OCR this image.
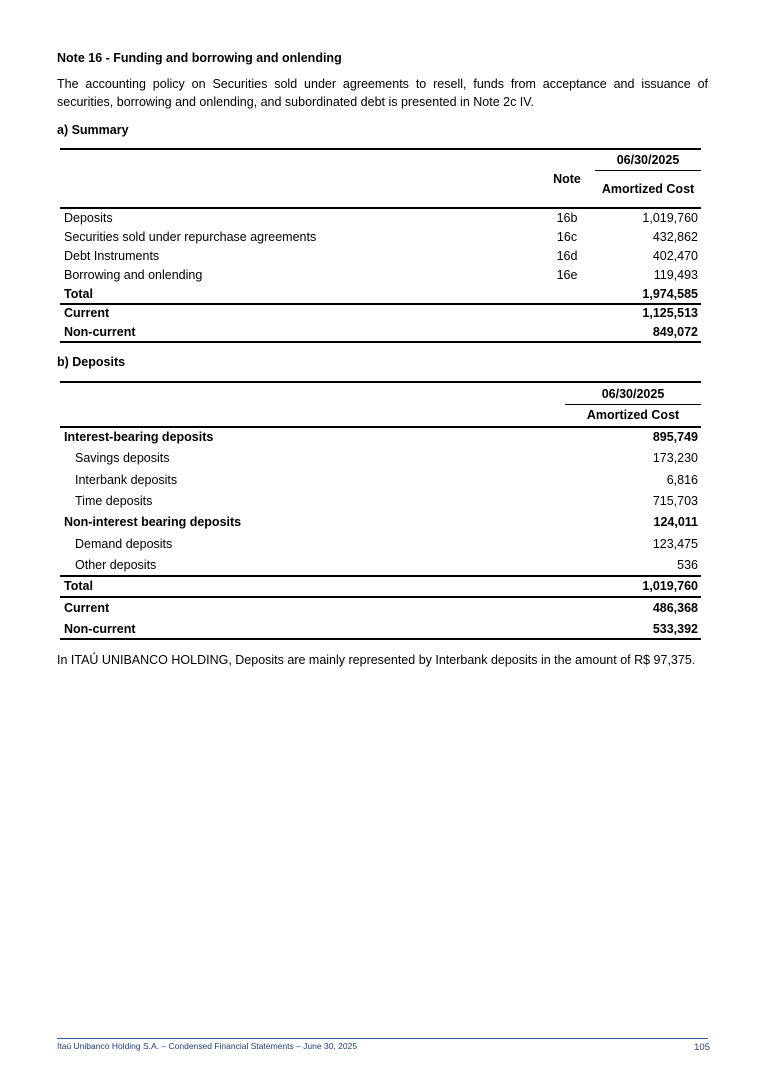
Note 16 - Funding and borrowing and onlending
The accounting policy on Securities sold under agreements to resell, funds from acceptance and issuance of securities, borrowing and onlending, and subordinated debt is presented in Note 2c IV.
a) Summary
06/30/2025
Note
Amortized Cost
Deposits	16b	1,019,760
Securities sold under repurchase agreements	16c	432,862
Debt Instruments	16d	402,470
Borrowing and onlending	16e	119,493
Total	1,974,585
Current	1,125,513
Non-current	849,072
b) Deposits
06/30/2025
Amortized Cost
Interest-bearing deposits	895,749
Savings deposits	173,230
Interbank deposits	6,816
Time deposits	715,703
Non-interest bearing deposits	124,011
Demand deposits	123,475
Other deposits	536
Total	1,019,760
Current	486,368
Non-current	533,392
In ITAÚ UNIBANCO HOLDING, Deposits are mainly represented by Interbank deposits in the amount of R$ 97,375.
Itaú Unibanco Holding S.A. – Condensed Financial Statements – June 30, 2025	105
